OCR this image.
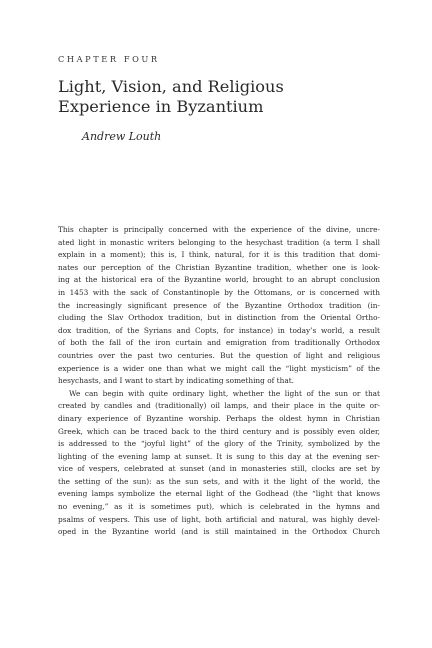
CHAPTER FOUR
Light, Vision, and Religious
Experience in Byzantium
Andrew Louth
This chapter is principally concerned with the experience of the divine, uncre-
ated light in monastic writers belonging to the hesychast tradition (a term I shall
explain in a moment); this is, I think, natural, for it is this tradition that domi-
nates our perception of the Christian Byzantine tradition, whether one is look-
ing at the historical era of the Byzantine world, brought to an abrupt conclusion
in 1453 with the sack of Constantinople by the Ottomans, or is concerned with
the increasingly significant presence of the Byzantine Orthodox tradition (in-
cluding the Slav Orthodox tradition, but in distinction from the Oriental Ortho-
dox tradition, of the Syrians and Copts, for instance) in today’s world, a result
of both the fall of the iron curtain and emigration from traditionally Orthodox
countries over the past two centuries. But the question of light and religious
experience is a wider one than what we might call the “light mysticism” of the
hesychasts, and I want to start by indicating something of that.
We can begin with quite ordinary light, whether the light of the sun or that
created by candles and (traditionally) oil lamps, and their place in the quite or-
dinary experience of Byzantine worship. Perhaps the oldest hymn in Christian
Greek, which can be traced back to the third century and is possibly even older,
is addressed to the “joyful light” of the glory of the Trinity, symbolized by the
lighting of the evening lamp at sunset. It is sung to this day at the evening ser-
vice of vespers, celebrated at sunset (and in monasteries still, clocks are set by
the setting of the sun): as the sun sets, and with it the light of the world, the
evening lamps symbolize the eternal light of the Godhead (the “light that knows
no evening,” as it is sometimes put), which is celebrated in the hymns and
psalms of vespers. This use of light, both artificial and natural, was highly devel-
oped in the Byzantine world (and is still maintained in the Orthodox Church
